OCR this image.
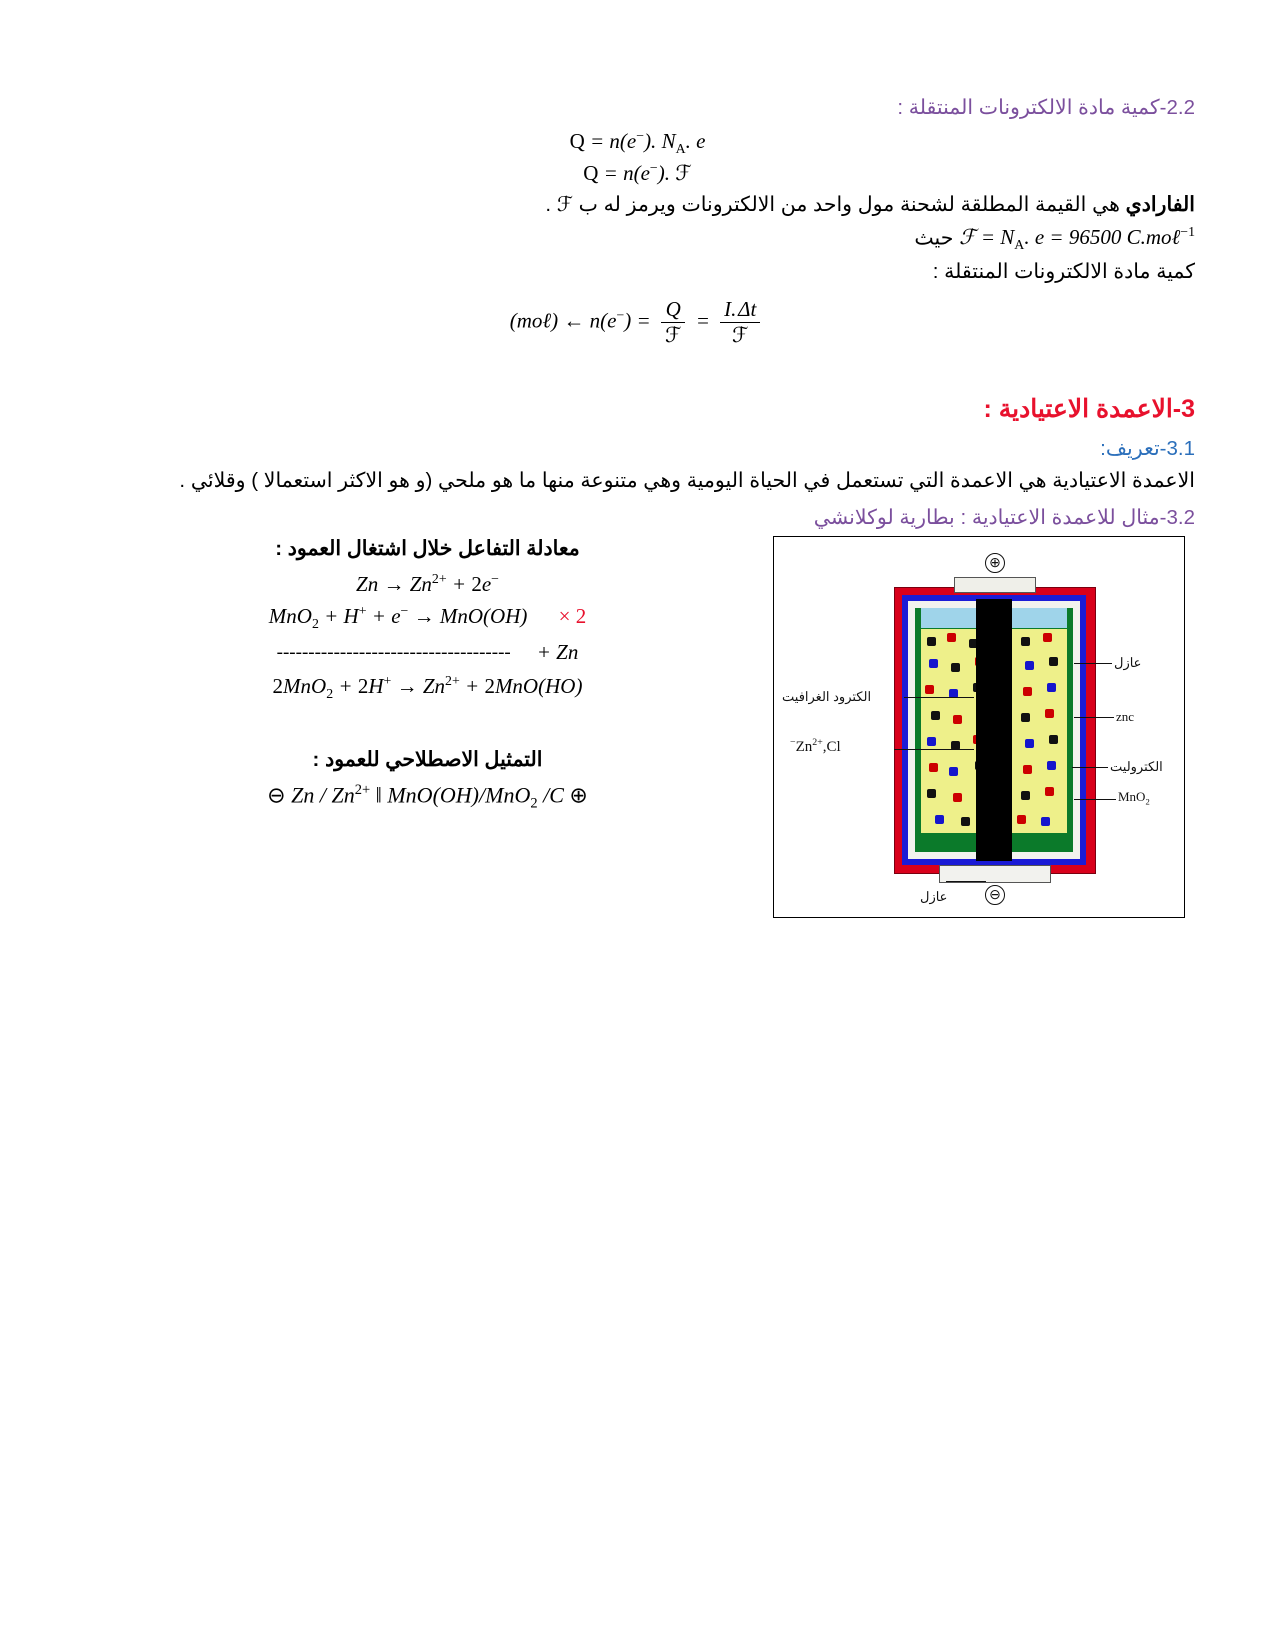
2.2-كمية مادة الالكترونات المنتقلة :
Q = n(e−). $N_A$. e
Q = n(e−). ℱ
الفارادي هي القيمة المطلقة لشحنة مول واحد من الالكترونات ويرمز له ب ℱ .
ℱ = $N_A$. e = 96500 C.moℓ$^{-1}$ حيث
كمية مادة الالكترونات المنتقلة :
(moℓ) ← $n(e^-) = \frac{Q}{\text{ℱ}} = \frac{I. \Delta t}{\text{ℱ}}$
3-الاعمدة الاعتيادية :
3.1-تعريف:
الاعمدة الاعتيادية هي الاعمدة التي تستعمل في الحياة اليومية وهي متنوعة منها ما هو ملحي (و هو الاكثر استعمالا ) وقلائي .
3.2-مثال للاعمدة الاعتيادية : بطارية لوكلانشي
معادلة التفاعل خلال اشتغال العمود :
$Zn \to Zn^{2+} + 2e^-$
MnO$_2$ + H+ + e− → MnO(OH) × 2
Zn +
-------------------------------------
$2MnO_2 + 2H^+ \to Zn^{2+} + 2MnO(HO)$
التمثيل الاصطلاحي للعمود :
⊖ Zn / $Zn^{2+}$ ‖ MnO(OH)/MnO$_2$ /C ⊕
⊕
⊖
عازل
znc
الكتروليت
MnO$_2$
الكترود الغرافيت
$Zn^{2+},Cl^-$
عازل
